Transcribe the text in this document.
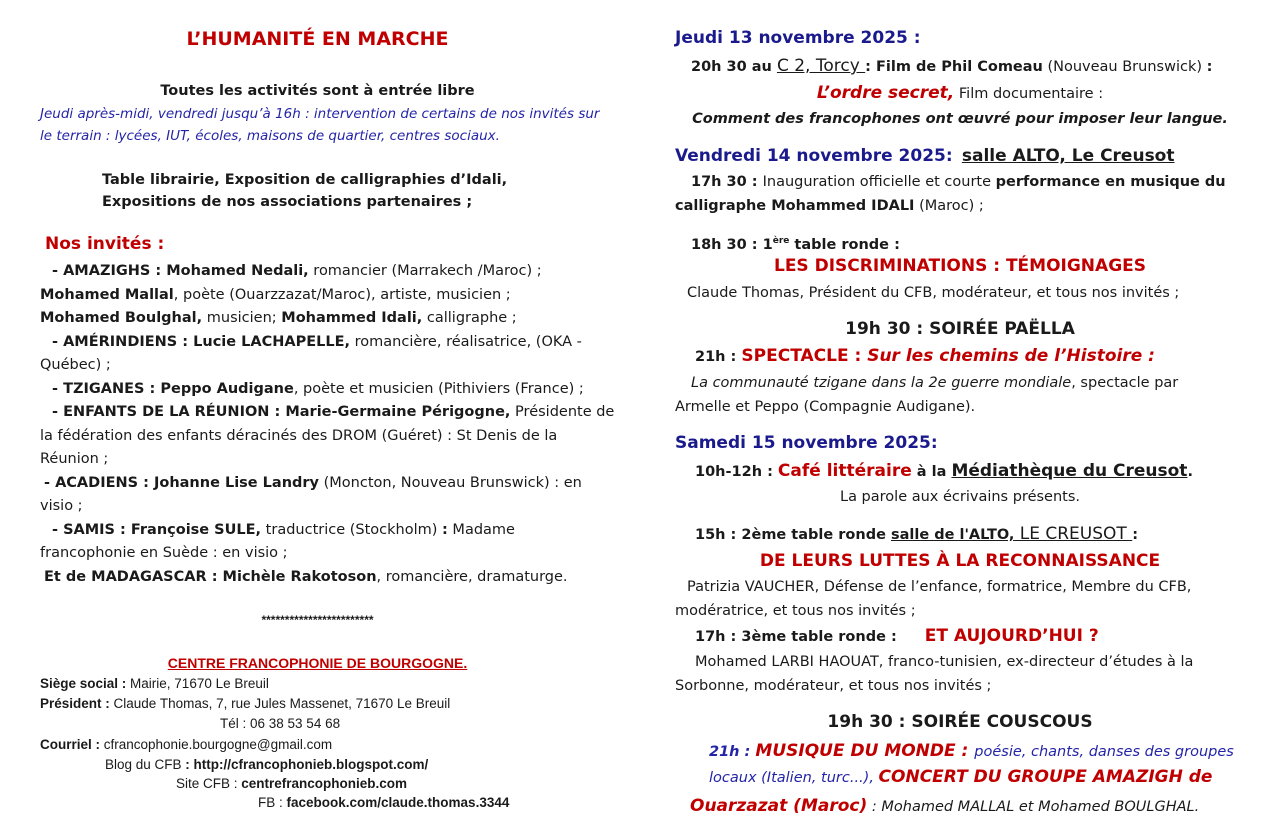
L’HUMANITÉ EN MARCHE
Toutes les activités sont à entrée libre
Jeudi après-midi, vendredi jusqu’à 16h : intervention de certains de nos invités sur
le terrain : lycées, IUT, écoles, maisons de quartier, centres sociaux.
Table librairie, Exposition de calligraphies d’Idali,
Expositions de nos associations partenaires ;
Nos invités :
- AMAZIGHS : Mohamed Nedali, romancier (Marrakech /Maroc) ;
Mohamed Mallal, poète (Ouarzzazat/Maroc), artiste, musicien ;
Mohamed Boulghal, musicien; Mohammed Idali, calligraphe ;
- AMÉRINDIENS : Lucie LACHAPELLE, romancière, réalisatrice, (OKA -
Québec) ;
- TZIGANES : Peppo Audigane, poète et musicien (Pithiviers (France) ;
- ENFANTS DE LA RÉUNION : Marie-Germaine Périgogne, Présidente de
la fédération des enfants déracinés des DROM (Guéret) : St Denis de la
Réunion ;
- ACADIENS : Johanne Lise Landry (Moncton, Nouveau Brunswick) : en
visio ;
- SAMIS : Françoise SULE, traductrice (Stockholm) : Madame
francophonie en Suède : en visio ;
Et de MADAGASCAR : Michèle Rakotoson, romancière, dramaturge.
************************
CENTRE FRANCOPHONIE DE BOURGOGNE.
Siège social : Mairie, 71670 Le Breuil
Président : Claude Thomas, 7, rue Jules Massenet, 71670 Le Breuil
Tél : 06 38 53 54 68
Courriel : cfrancophonie.bourgogne@gmail.com
Blog du CFB : http://cfrancophonieb.blogspot.com/
Site CFB : centrefrancophonieb.com
FB : facebook.com/claude.thomas.3344
Jeudi 13 novembre 2025 :
20h 30 au C 2, Torcy : Film de Phil Comeau (Nouveau Brunswick) :
L’ordre secret, Film documentaire :
Comment des francophones ont œuvré pour imposer leur langue.
Vendredi 14 novembre 2025: salle ALTO, Le Creusot
17h 30 : Inauguration officielle et courte performance en musique du
calligraphe Mohammed IDALI (Maroc) ;
18h 30 : 1ère table ronde :
LES DISCRIMINATIONS : TÉMOIGNAGES
Claude Thomas, Président du CFB, modérateur, et tous nos invités ;
19h 30 : SOIRÉE PAËLLA
21h : SPECTACLE : Sur les chemins de l’Histoire :
La communauté tzigane dans la 2e guerre mondiale, spectacle par
Armelle et Peppo (Compagnie Audigane).
Samedi 15 novembre 2025:
10h-12h : Café littéraire à la Médiathèque du Creusot.
La parole aux écrivains présents.
15h : 2ème table ronde salle de l'ALTO, LE CREUSOT :
DE LEURS LUTTES À LA RECONNAISSANCE
Patrizia VAUCHER, Défense de l’enfance, formatrice, Membre du CFB,
modératrice, et tous nos invités ;
17h : 3ème table ronde : ET AUJOURD’HUI ?
Mohamed LARBI HAOUAT, franco-tunisien, ex-directeur d’études à la
Sorbonne, modérateur, et tous nos invités ;
19h 30 : SOIRÉE COUSCOUS
21h : MUSIQUE DU MONDE : poésie, chants, danses des groupes
locaux (Italien, turc...), CONCERT DU GROUPE AMAZIGH de
Ouarzazat (Maroc) : Mohamed MALLAL et Mohamed BOULGHAL.
